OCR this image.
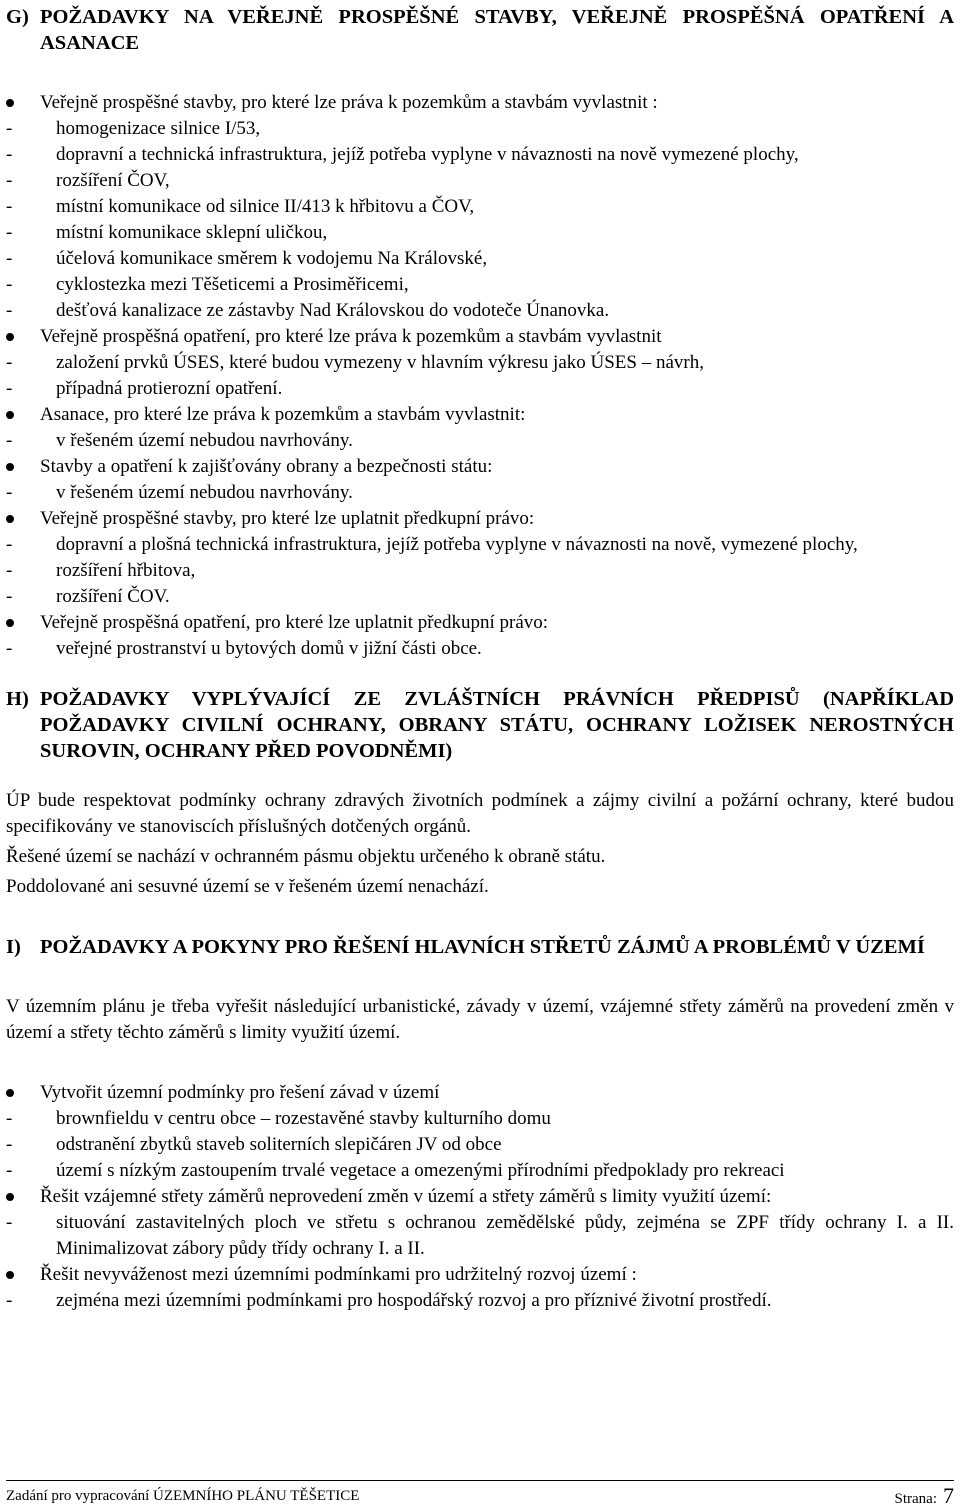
G) POŽADAVKY NA VEŘEJNĚ PROSPĚŠNÉ STAVBY, VEŘEJNĚ PROSPĚŠNÁ OPATŘENÍ A ASANACE
Veřejně prospěšné stavby, pro které lze práva k pozemkům a stavbám vyvlastnit :
- homogenizace silnice I/53,
- dopravní a technická infrastruktura, jejíž potřeba vyplyne v návaznosti na nově vymezené plochy,
- rozšíření ČOV,
- místní komunikace od silnice II/413 k hřbitovu a ČOV,
- místní komunikace sklepní uličkou,
- účelová komunikace směrem k vodojemu Na Královské,
- cyklostezka mezi Těšeticemi a Prosiměřicemi,
- dešťová kanalizace ze zástavby Nad Královskou do vodoteče Únanovka.
Veřejně prospěšná opatření, pro které lze práva k pozemkům a stavbám vyvlastnit
- založení prvků ÚSES, které budou vymezeny v hlavním výkresu jako ÚSES – návrh,
- případná protierozní opatření.
Asanace, pro které lze práva k pozemkům a stavbám vyvlastnit:
- v řešeném území nebudou navrhovány.
Stavby a opatření k zajišťovány obrany a bezpečnosti státu:
- v řešeném území nebudou navrhovány.
Veřejně prospěšné stavby, pro které lze uplatnit předkupní právo:
- dopravní a plošná technická infrastruktura, jejíž potřeba vyplyne v návaznosti na nově, vymezené plochy,
- rozšíření hřbitova,
- rozšíření ČOV.
Veřejně prospěšná opatření, pro které lze uplatnit předkupní právo:
- veřejné prostranství u bytových domů v jižní části obce.
H) POŽADAVKY VYPLÝVAJÍCÍ ZE ZVLÁŠTNÍCH PRÁVNÍCH PŘEDPISŮ (NAPŘÍKLAD POŽADAVKY CIVILNÍ OCHRANY, OBRANY STÁTU, OCHRANY LOŽISEK NEROSTNÝCH SUROVIN, OCHRANY PŘED POVODNĚMI)

ÚP bude respektovat podmínky ochrany zdravých životních podmínek a zájmy civilní a požární ochrany, které budou specifikovány ve stanoviscích příslušných dotčených orgánů.

Řešené území se nachází v ochranném pásmu objektu určeného k obraně státu.

Poddolované ani sesuvné území se v řešeném území nenachází.

I) POŽADAVKY A POKYNY PRO ŘEŠENÍ HLAVNÍCH STŘETŮ ZÁJMŮ A PROBLÉMŮ V ÚZEMÍ

V územním plánu je třeba vyřešit následující urbanistické, závady v území, vzájemné střety záměrů na provedení změn v území a střety těchto záměrů s limity využití území.

Vytvořit územní podmínky pro řešení závad v území
- brownfieldu v centru obce – rozestavěné stavby kulturního domu
- odstranění zbytků staveb soliterních slepičáren JV od obce
- území s nízkým zastoupením trvalé vegetace a omezenými přírodními předpoklady pro rekreaci
Řešit vzájemné střety záměrů neprovedení změn v území a střety záměrů s limity využití území:
- situování zastavitelných ploch ve střetu s ochranou zemědělské půdy, zejména se ZPF třídy ochrany I. a II. Minimalizovat zábory půdy třídy ochrany I. a II.
Řešit nevyváženost mezi územními podmínkami pro udržitelný rozvoj území :
- zejména mezi územními podmínkami pro hospodářský rozvoj a pro příznivé životní prostředí.
Zadání pro vypracování ÚZEMNÍHO PLÁNU TĚŠETICE	Strana: 7
